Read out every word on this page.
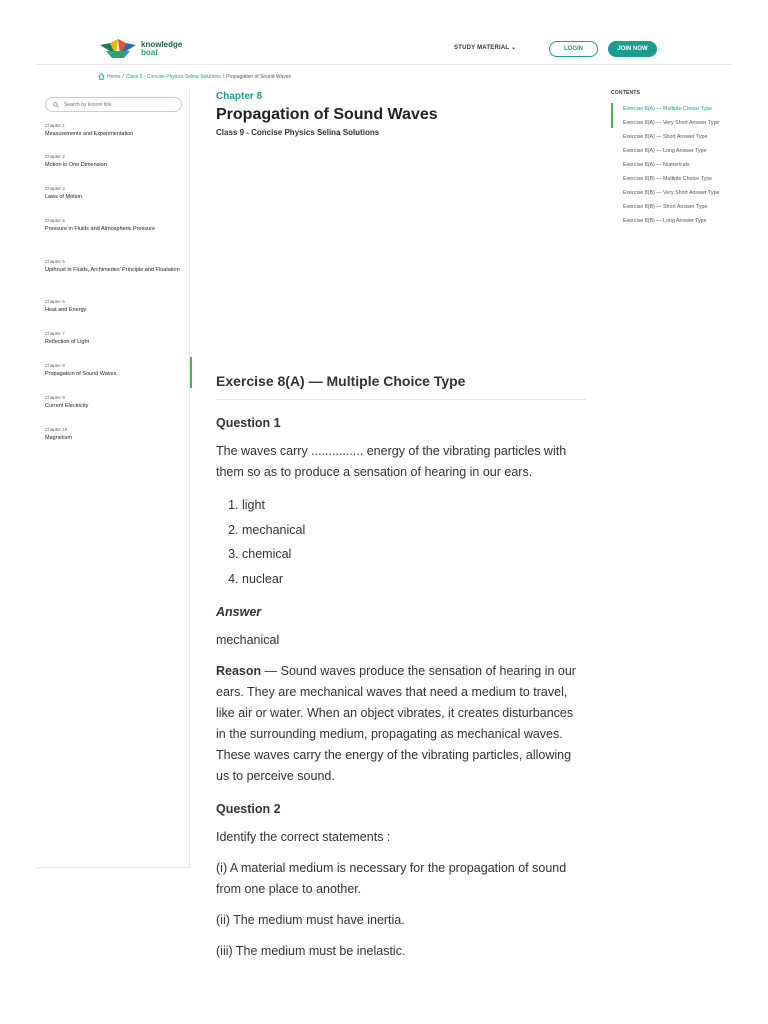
knowledge
boat	STUDY MATERIAL ⌄	LOGIN	JOIN NOW
Home / Class 9 - Concise Physics Selina Solutions / Propagation of Sound Waves
Search by lesson title
Chapter 1
Measurements and Experimentation
Chapter 2
Motion in One Dimension
Chapter 3
Laws of Motion
Chapter 4
Pressure in Fluids and Atmospheric Pressure
Chapter 5
Upthrust in Fluids, Archimedes' Principle and Floatation
Chapter 6
Heat and Energy
Chapter 7
Reflection of Light
Chapter 8
Propagation of Sound Waves
Chapter 9
Current Electricity
Chapter 10
Magnetism
Chapter 8
Propagation of Sound Waves
Class 9 - Concise Physics Selina Solutions
Exercise 8(A) — Multiple Choice Type
Question 1

The waves carry ............... energy of the vibrating particles with them so as to produce a sensation of hearing in our ears.

1. light
2. mechanical
3. chemical
4. nuclear
Answer

mechanical

Reason — Sound waves produce the sensation of hearing in our ears. They are mechanical waves that need a medium to travel, like air or water. When an object vibrates, it creates disturbances in the surrounding medium, propagating as mechanical waves. These waves carry the energy of the vibrating particles, allowing us to perceive sound.

Question 2

Identify the correct statements :

(i) A material medium is necessary for the propagation of sound from one place to another.

(ii) The medium must have inertia.

(iii) The medium must be inelastic.

CONTENTS
Exercise 8(A) — Multiple Choice Type
Exercise 8(A) — Very Short Answer Type
Exercise 8(A) — Short Answer Type
Exercise 8(A) — Long Answer Type
Exercise 8(A) — Numericals
Exercise 8(B) — Multiple Choice Type
Exercise 8(B) — Very Short Answer Type
Exercise 8(B) — Short Answer Type
Exercise 8(B) — Long Answer Type
